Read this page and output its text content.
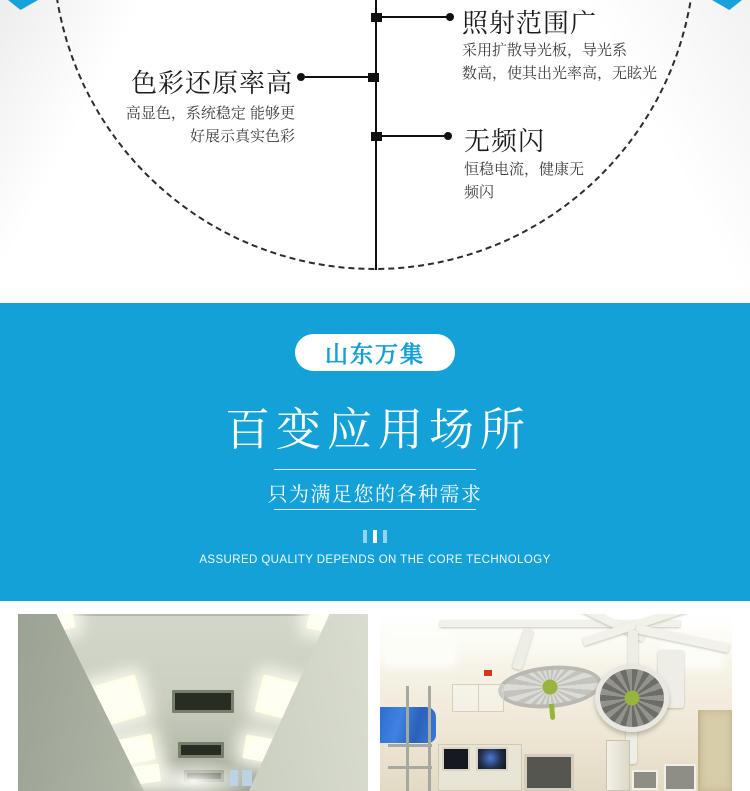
照射范围广
采用扩散导光板，导光系
数高，使其出光率高，无眩光
色彩还原率高
高显色，系统稳定 能够更
好展示真实色彩	无频闪
恒稳电流，健康无
频闪
山东万集
百变应用场所
只为满足您的各种需求
ASSURED QUALITY DEPENDS ON THE CORE TECHNOLOGY
